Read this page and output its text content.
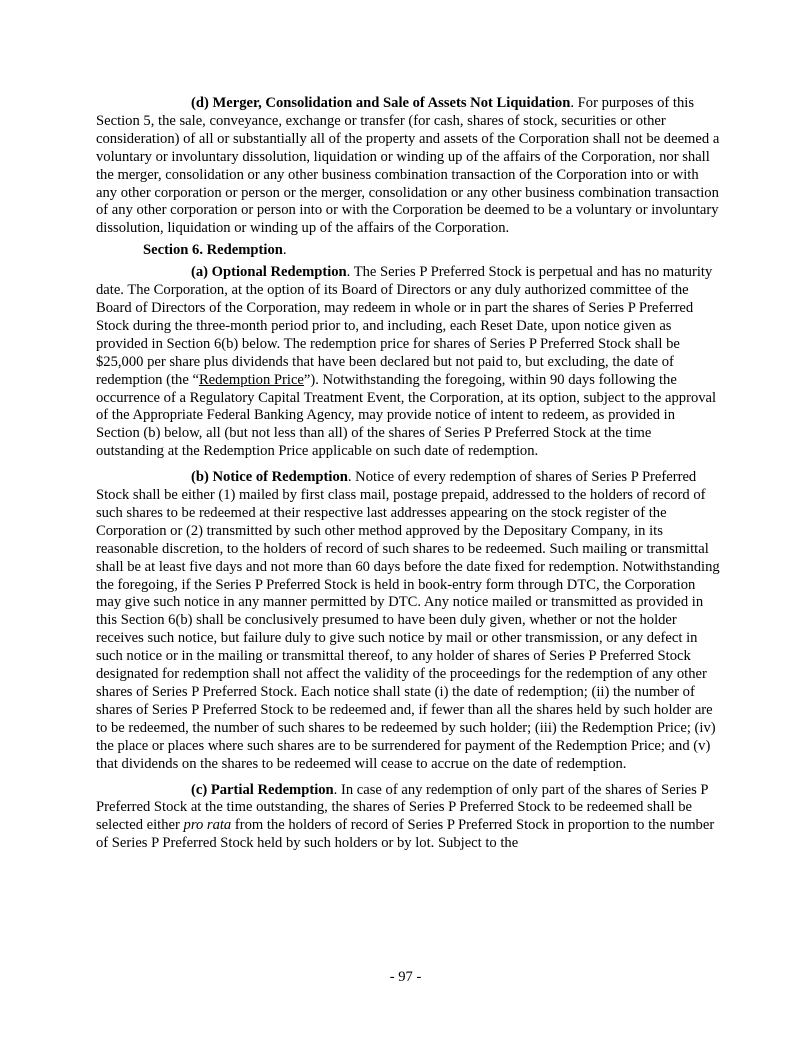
(d) Merger, Consolidation and Sale of Assets Not Liquidation. For purposes of this Section 5, the sale, conveyance, exchange or transfer (for cash, shares of stock, securities or other consideration) of all or substantially all of the property and assets of the Corporation shall not be deemed a voluntary or involuntary dissolution, liquidation or winding up of the affairs of the Corporation, nor shall the merger, consolidation or any other business combination transaction of the Corporation into or with any other corporation or person or the merger, consolidation or any other business combination transaction of any other corporation or person into or with the Corporation be deemed to be a voluntary or involuntary dissolution, liquidation or winding up of the affairs of the Corporation.

Section 6. Redemption.

(a) Optional Redemption. The Series P Preferred Stock is perpetual and has no maturity date. The Corporation, at the option of its Board of Directors or any duly authorized committee of the Board of Directors of the Corporation, may redeem in whole or in part the shares of Series P Preferred Stock during the three-month period prior to, and including, each Reset Date, upon notice given as provided in Section 6(b) below. The redemption price for shares of Series P Preferred Stock shall be $25,000 per share plus dividends that have been declared but not paid to, but excluding, the date of redemption (the “Redemption Price”). Notwithstanding the foregoing, within 90 days following the occurrence of a Regulatory Capital Treatment Event, the Corporation, at its option, subject to the approval of the Appropriate Federal Banking Agency, may provide notice of intent to redeem, as provided in Section (b) below, all (but not less than all) of the shares of Series P Preferred Stock at the time outstanding at the Redemption Price applicable on such date of redemption.

(b) Notice of Redemption. Notice of every redemption of shares of Series P Preferred Stock shall be either (1) mailed by first class mail, postage prepaid, addressed to the holders of record of such shares to be redeemed at their respective last addresses appearing on the stock register of the Corporation or (2) transmitted by such other method approved by the Depositary Company, in its reasonable discretion, to the holders of record of such shares to be redeemed. Such mailing or transmittal shall be at least five days and not more than 60 days before the date fixed for redemption. Notwithstanding the foregoing, if the Series P Preferred Stock is held in book-entry form through DTC, the Corporation may give such notice in any manner permitted by DTC. Any notice mailed or transmitted as provided in this Section 6(b) shall be conclusively presumed to have been duly given, whether or not the holder receives such notice, but failure duly to give such notice by mail or other transmission, or any defect in such notice or in the mailing or transmittal thereof, to any holder of shares of Series P Preferred Stock designated for redemption shall not affect the validity of the proceedings for the redemption of any other shares of Series P Preferred Stock. Each notice shall state (i) the date of redemption; (ii) the number of shares of Series P Preferred Stock to be redeemed and, if fewer than all the shares held by such holder are to be redeemed, the number of such shares to be redeemed by such holder; (iii) the Redemption Price; (iv) the place or places where such shares are to be surrendered for payment of the Redemption Price; and (v) that dividends on the shares to be redeemed will cease to accrue on the date of redemption.

(c) Partial Redemption. In case of any redemption of only part of the shares of Series P Preferred Stock at the time outstanding, the shares of Series P Preferred Stock to be redeemed shall be selected either pro rata from the holders of record of Series P Preferred Stock in proportion to the number of Series P Preferred Stock held by such holders or by lot. Subject to the

- 97 -
